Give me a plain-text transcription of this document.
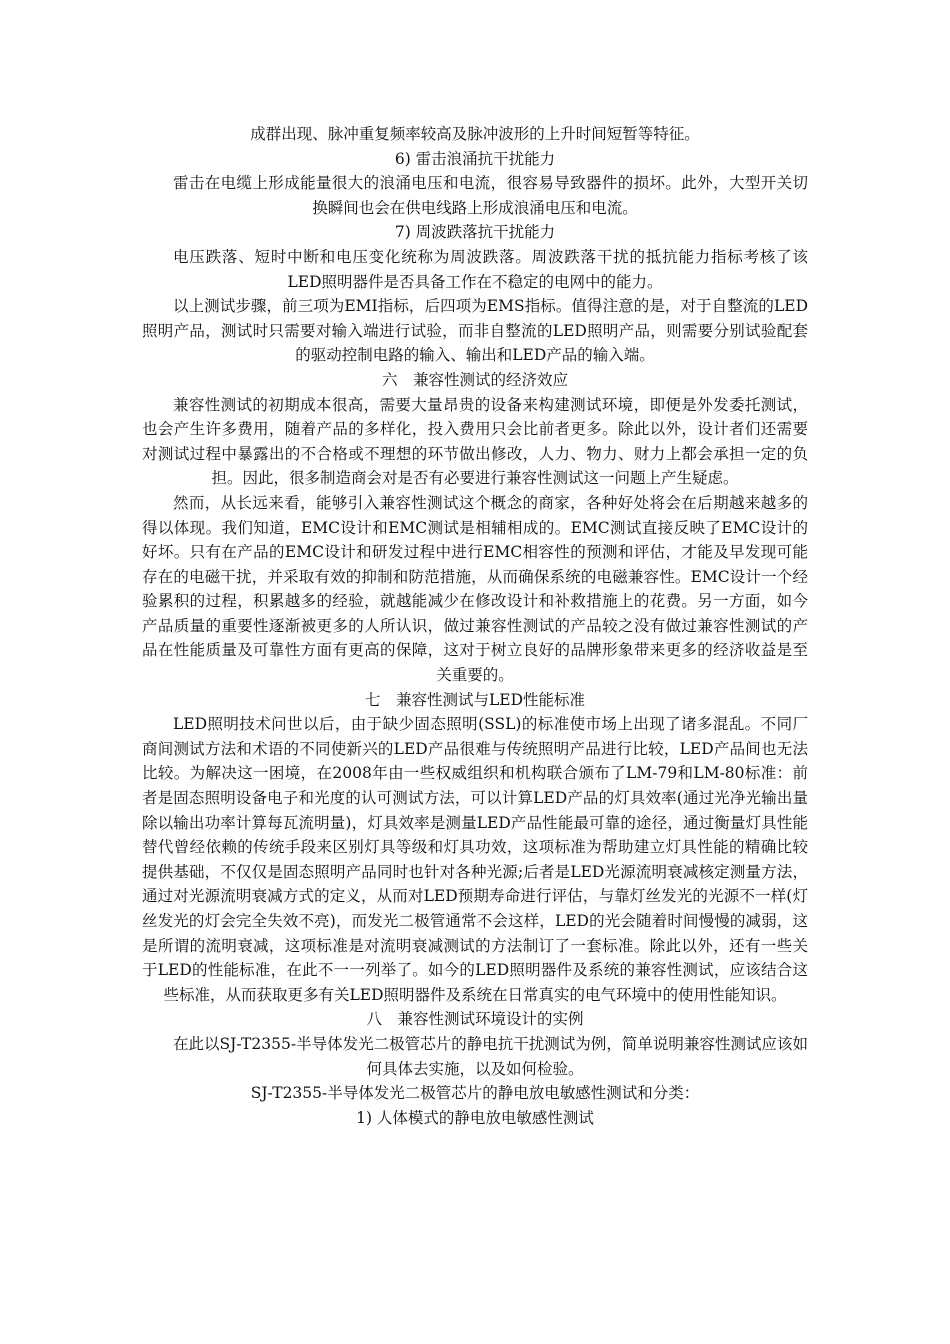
成群出现、脉冲重复频率较高及脉冲波形的上升时间短暂等特征。

6) 雷击浪涌抗干扰能力

雷击在电缆上形成能量很大的浪涌电压和电流，很容易导致器件的损坏。此外，大型开关切换瞬间也会在供电线路上形成浪涌电压和电流。

7) 周波跌落抗干扰能力

电压跌落、短时中断和电压变化统称为周波跌落。周波跌落干扰的抵抗能力指标考核了该LED照明器件是否具备工作在不稳定的电网中的能力。

以上测试步骤，前三项为EMI指标，后四项为EMS指标。值得注意的是，对于自整流的LED照明产品，测试时只需要对输入端进行试验，而非自整流的LED照明产品，则需要分别试验配套的驱动控制电路的输入、输出和LED产品的输入端。

六　兼容性测试的经济效应

兼容性测试的初期成本很高，需要大量昂贵的设备来构建测试环境，即便是外发委托测试，也会产生许多费用，随着产品的多样化，投入费用只会比前者更多。除此以外，设计者们还需要对测试过程中暴露出的不合格或不理想的环节做出修改，人力、物力、财力上都会承担一定的负担。因此，很多制造商会对是否有必要进行兼容性测试这一问题上产生疑虑。

然而，从长远来看，能够引入兼容性测试这个概念的商家，各种好处将会在后期越来越多的得以体现。我们知道，EMC设计和EMC测试是相辅相成的。EMC测试直接反映了EMC设计的好坏。只有在产品的EMC设计和研发过程中进行EMC相容性的预测和评估，才能及早发现可能存在的电磁干扰，并采取有效的抑制和防范措施，从而确保系统的电磁兼容性。EMC设计一个经验累积的过程，积累越多的经验，就越能减少在修改设计和补救措施上的花费。另一方面，如今产品质量的重要性逐渐被更多的人所认识，做过兼容性测试的产品较之没有做过兼容性测试的产品在性能质量及可靠性方面有更高的保障，这对于树立良好的品牌形象带来更多的经济收益是至关重要的。

七　兼容性测试与LED性能标准

LED照明技术问世以后，由于缺少固态照明(SSL)的标准使市场上出现了诸多混乱。不同厂商间测试方法和术语的不同使新兴的LED产品很难与传统照明产品进行比较，LED产品间也无法比较。为解决这一困境，在2008年由一些权威组织和机构联合颁布了LM-79和LM-80标准：前者是固态照明设备电子和光度的认可测试方法，可以计算LED产品的灯具效率(通过光净光输出量除以输出功率计算每瓦流明量)，灯具效率是测量LED产品性能最可靠的途径，通过衡量灯具性能替代曾经依赖的传统手段来区别灯具等级和灯具功效，这项标准为帮助建立灯具性能的精确比较提供基础，不仅仅是固态照明产品同时也针对各种光源;后者是LED光源流明衰减核定测量方法，通过对光源流明衰减方式的定义，从而对LED预期寿命进行评估，与靠灯丝发光的光源不一样(灯丝发光的灯会完全失效不亮)，而发光二极管通常不会这样，LED的光会随着时间慢慢的减弱，这是所谓的流明衰减，这项标准是对流明衰减测试的方法制订了一套标准。除此以外，还有一些关于LED的性能标准，在此不一一列举了。如今的LED照明器件及系统的兼容性测试，应该结合这些标准，从而获取更多有关LED照明器件及系统在日常真实的电气环境中的使用性能知识。

八　兼容性测试环境设计的实例

在此以SJ-T2355-半导体发光二极管芯片的静电抗干扰测试为例，简单说明兼容性测试应该如何具体去实施，以及如何检验。

SJ-T2355-半导体发光二极管芯片的静电放电敏感性测试和分类：

1) 人体模式的静电放电敏感性测试
